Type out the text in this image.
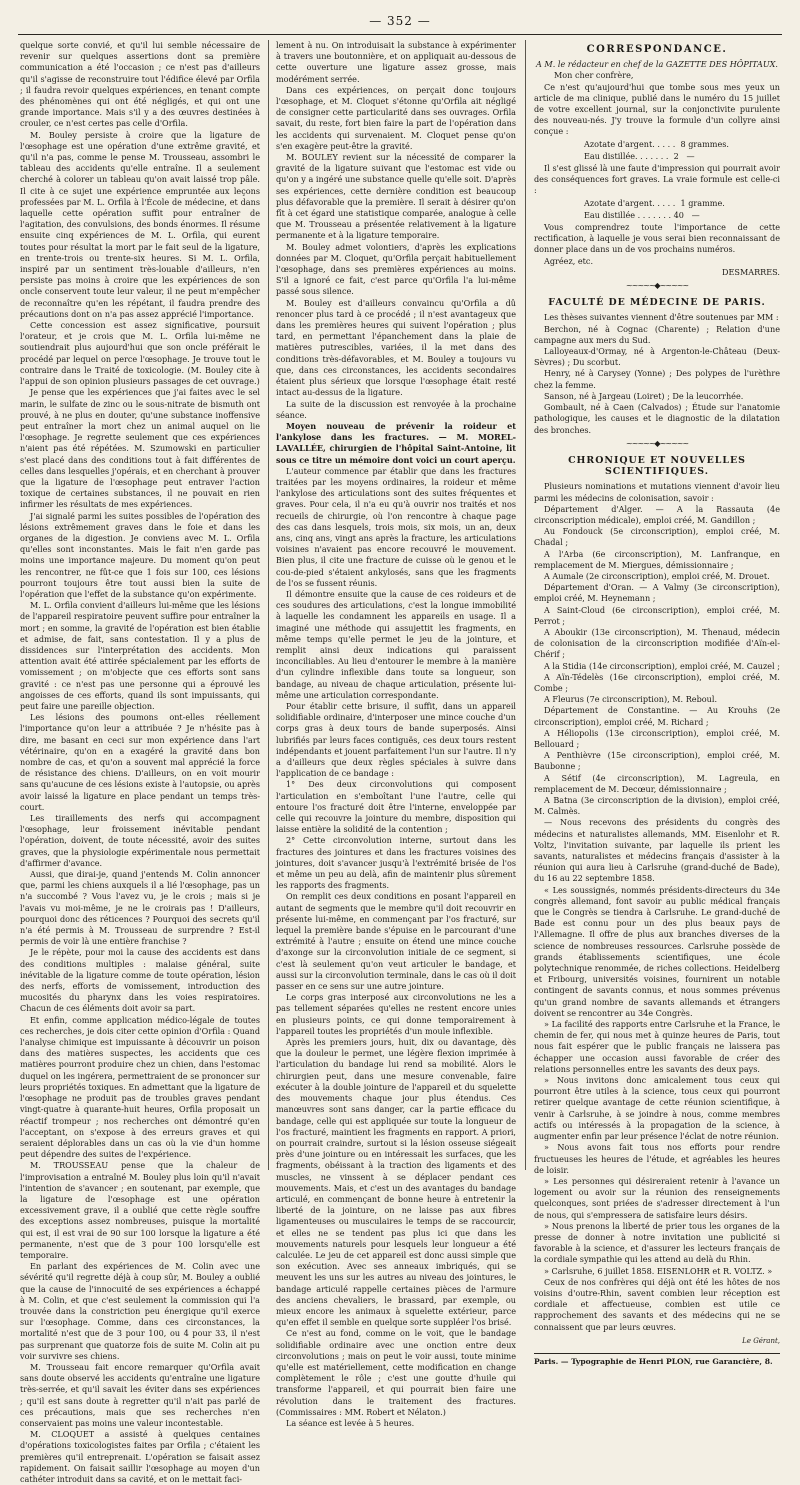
— 352 —

quelque sorte convié, et qu'il lui semble nécessaire de revenir sur quelques assertions dont sa première communication a été l'occasion ; ce n'est pas d'ailleurs qu'il s'agisse de reconstruire tout l'édifice élevé par Orfila ; il faudra revoir quelques expériences, en tenant compte des phénomènes qui ont été négligés, et qui ont une grande importance. Mais s'il y a des œuvres destinées à crouler, ce n'est certes pas celle d'Orfila.

M. Bouley persiste à croire que la ligature de l'œsophage est une opération d'une extrême gravité, et qu'il n'a pas, comme le pense M. Trousseau, assombri le tableau des accidents qu'elle entraîne. Il a seulement cherché à colorer un tableau qu'on avait laissé trop pâle. Il cite à ce sujet une expérience empruntée aux leçons professées par M. L. Orfila à l'École de médecine, et dans laquelle cette opération suffit pour entraîner de l'agitation, des convulsions, des bonds énormes. Il résume ensuite cinq expériences de M. L. Orfila, qui eurent toutes pour résultat la mort par le fait seul de la ligature, en trente-trois ou trente-six heures. Si M. L. Orfila, inspiré par un sentiment très-louable d'ailleurs, n'en persiste pas moins à croire que les expériences de son oncle conservent toute leur valeur, il ne peut m'empêcher de reconnaître qu'en les répétant, il faudra prendre des précautions dont on n'a pas assez apprécié l'importance.

Cette concession est assez significative, poursuit l'orateur, et je crois que M. L. Orfila lui-même ne soutiendrait plus aujourd'hui que son oncle préférait le procédé par lequel on perce l'œsophage. Je trouve tout le contraire dans le Traité de toxicologie. (M. Bouley cite à l'appui de son opinion plusieurs passages de cet ouvrage.)

Je pense que les expériences que j'ai faites avec le sel marin, le sulfate de zinc ou le sous-nitrate de bismuth ont prouvé, à ne plus en douter, qu'une substance inoffensive peut entraîner la mort chez un animal auquel on lie l'œsophage. Je regrette seulement que ces expériences n'aient pas été répétées. M. Szumowski en particulier s'est placé dans des conditions tout à fait différentes de celles dans lesquelles j'opérais, et en cherchant à prouver que la ligature de l'œsophage peut entraver l'action toxique de certaines substances, il ne pouvait en rien infirmer les résultats de mes expériences.

J'ai signalé parmi les suites possibles de l'opération des lésions extrêmement graves dans le foie et dans les organes de la digestion. Je conviens avec M. L. Orfila qu'elles sont inconstantes. Mais le fait n'en garde pas moins une importance majeure. Du moment qu'on peut les rencontrer, ne fût-ce que 1 fois sur 100, ces lésions pourront toujours être tout aussi bien la suite de l'opération que l'effet de la substance qu'on expérimente.

M. L. Orfila convient d'ailleurs lui-même que les lésions de l'appareil respiratoire peuvent suffire pour entraîner la mort ; en somme, la gravité de l'opération est bien établie et admise, de fait, sans contestation. Il y a plus de dissidences sur l'interprétation des accidents. Mon attention avait été attirée spécialement par les efforts de vomissement ; on m'objecte que ces efforts sont sans gravité : ce n'est pas une personne qui a éprouvé les angoisses de ces efforts, quand ils sont impuissants, qui peut faire une pareille objection.

Les lésions des poumons ont-elles réellement l'importance qu'on leur a attribuée ? Je n'hésite pas à dire, me basant en ceci sur mon expérience dans l'art vétérinaire, qu'on en a exagéré la gravité dans bon nombre de cas, et qu'on a souvent mal apprécié la force de résistance des chiens. D'ailleurs, on en voit mourir sans qu'aucune de ces lésions existe à l'autopsie, ou après avoir laissé la ligature en place pendant un temps très-court.

Les tiraillements des nerfs qui accompagnent l'œsophage, leur froissement inévitable pendant l'opération, doivent, de toute nécessité, avoir des suites graves, que la physiologie expérimentale nous permettait d'affirmer d'avance.

Aussi, que dirai-je, quand j'entends M. Colin annoncer que, parmi les chiens auxquels il a lié l'œsophage, pas un n'a succombé ? Vous l'avez vu, je le crois ; mais si je l'avais vu moi-même, je ne le croirais pas ! D'ailleurs, pourquoi donc des réticences ? Pourquoi des secrets qu'il n'a été permis à M. Trousseau de surprendre ? Est-il permis de voir là une entière franchise ?

Je le répète, pour moi la cause des accidents est dans des conditions multiples : malaise général, suite inévitable de la ligature comme de toute opération, lésion des nerfs, efforts de vomissement, introduction des mucosités du pharynx dans les voies respiratoires. Chacun de ces éléments doit avoir sa part.

Et enfin, comme application médico-légale de toutes ces recherches, je dois citer cette opinion d'Orfila : Quand l'analyse chimique est impuissante à découvrir un poison dans des matières suspectes, les accidents que ces matières pourront produire chez un chien, dans l'estomac duquel on les ingérera, permettraient de se prononcer sur leurs propriétés toxiques. En admettant que la ligature de l'œsophage ne produit pas de troubles graves pendant vingt-quatre à quarante-huit heures, Orfila proposait un réactif trompeur ; nos recherches ont démontré qu'en l'acceptant, on s'expose à des erreurs graves et qui seraient déplorables dans un cas où la vie d'un homme peut dépendre des suites de l'expérience.

M. TROUSSEAU pense que la chaleur de l'improvisation a entraîné M. Bouley plus loin qu'il n'avait l'intention de s'avancer ; en soutenant, par exemple, que la ligature de l'œsophage est une opération excessivement grave, il a oublié que cette règle souffre des exceptions assez nombreuses, puisque la mortalité qui est, il est vrai de 90 sur 100 lorsque la ligature a été permanente, n'est que de 3 pour 100 lorsqu'elle est temporaire.

En parlant des expériences de M. Colin avec une sévérité qu'il regrette déjà à coup sûr, M. Bouley a oublié que la cause de l'innocuité de ses expériences a échappé à M. Colin, et que c'est seulement la commission qui l'a trouvée dans la constriction peu énergique qu'il exerce sur l'œsophage. Comme, dans ces circonstances, la mortalité n'est que de 3 pour 100, ou 4 pour 33, il n'est pas surprenant que quatorze fois de suite M. Colin ait pu voir survivre ses chiens.

M. Trousseau fait encore remarquer qu'Orfila avait sans doute observé les accidents qu'entraîne une ligature très-serrée, et qu'il savait les éviter dans ses expériences ; qu'il est sans doute à regretter qu'il n'ait pas parlé de ces précautions, mais que ses recherches n'en conservaient pas moins une valeur incontestable.

M. CLOQUET a assisté à quelques centaines d'opérations toxicologistes faites par Orfila ; c'étaient les premières qu'il entreprenait. L'opération se faisait assez rapidement. On faisait saillir l'œsophage au moyen d'un cathéter introduit dans sa cavité, et on le mettait faci-

lement à nu. On introduisait la substance à expérimenter à travers une boutonnière, et on appliquait au-dessous de cette ouverture une ligature assez grosse, mais modérément serrée.

Dans ces expériences, on perçait donc toujours l'œsophage, et M. Cloquet s'étonne qu'Orfila ait négligé de consigner cette particularité dans ses ouvrages. Orfila savait, du reste, fort bien faire la part de l'opération dans les accidents qui survenaient. M. Cloquet pense qu'on s'en exagère peut-être la gravité.

M. BOULEY revient sur la nécessité de comparer la gravité de la ligature suivant que l'estomac est vide ou qu'on y a ingéré une substance quelle qu'elle soit. D'après ses expériences, cette dernière condition est beaucoup plus défavorable que la première. Il serait à désirer qu'on fît à cet égard une statistique comparée, analogue à celle que M. Trousseau a présentée relativement à la ligature permanente et à la ligature temporaire.

M. Bouley admet volontiers, d'après les explications données par M. Cloquet, qu'Orfila perçait habituellement l'œsophage, dans ses premières expériences au moins. S'il a ignoré ce fait, c'est parce qu'Orfila l'a lui-même passé sous silence.

M. Bouley est d'ailleurs convaincu qu'Orfila a dû renoncer plus tard à ce procédé ; il n'est avantageux que dans les premières heures qui suivent l'opération ; plus tard, en permettant l'épanchement dans la plaie de matières putrescibles, variées, il la met dans des conditions très-défavorables, et M. Bouley a toujours vu que, dans ces circonstances, les accidents secondaires étaient plus sérieux que lorsque l'œsophage était resté intact au-dessus de la ligature.

La suite de la discussion est renvoyée à la prochaine séance.

Moyen nouveau de prévenir la roideur et l'ankylose dans les fractures. — M. MOREL-LAVALLÉE, chirurgien de l'hôpital Saint-Antoine, lit sous ce titre un mémoire dont voici un court aperçu.

L'auteur commence par établir que dans les fractures traitées par les moyens ordinaires, la roideur et même l'ankylose des articulations sont des suites fréquentes et graves. Pour cela, il n'a eu qu'à ouvrir nos traités et nos recueils de chirurgie, où l'on rencontre à chaque page des cas dans lesquels, trois mois, six mois, un an, deux ans, cinq ans, vingt ans après la fracture, les articulations voisines n'avaient pas encore recouvré le mouvement. Bien plus, il cite une fracture de cuisse où le genou et le cou-de-pied s'étaient ankylosés, sans que les fragments de l'os se fussent réunis.

Il démontre ensuite que la cause de ces roideurs et de ces soudures des articulations, c'est la longue immobilité à laquelle les condamnent les appareils en usage. Il a imaginé une méthode qui assujettit les fragments, en même temps qu'elle permet le jeu de la jointure, et remplit ainsi deux indications qui paraissent inconciliables. Au lieu d'entourer le membre à la manière d'un cylindre inflexible dans toute sa longueur, son bandage, au niveau de chaque articulation, présente lui-même une articulation correspondante.

Pour établir cette brisure, il suffit, dans un appareil solidifiable ordinaire, d'interposer une mince couche d'un corps gras à deux tours de bande superposés. Ainsi lubrifiés par leurs faces contiguës, ces deux tours restent indépendants et jouent parfaitement l'un sur l'autre. Il n'y a d'ailleurs que deux règles spéciales à suivre dans l'application de ce bandage :

1° Des deux circonvolutions qui composent l'articulation en s'emboîtant l'une l'autre, celle qui entoure l'os fracturé doit être l'interne, enveloppée par celle qui recouvre la jointure du membre, disposition qui laisse entière la solidité de la contention ;

2° Cette circonvolution interne, surtout dans les fractures des jointures et dans les fractures voisines des jointures, doit s'avancer jusqu'à l'extrémité brisée de l'os et même un peu au delà, afin de maintenir plus sûrement les rapports des fragments.

On remplit ces deux conditions en posant l'appareil en autant de segments que le membre qu'il doit recouvrir en présente lui-même, en commençant par l'os fracturé, sur lequel la première bande s'épuise en le parcourant d'une extrémité à l'autre ; ensuite on étend une mince couche d'axonge sur la circonvolution initiale de ce segment, si c'est là seulement qu'on veut articuler le bandage, et aussi sur la circonvolution terminale, dans le cas où il doit passer en ce sens sur une autre jointure.

Le corps gras interposé aux circonvolutions ne les a pas tellement séparées qu'elles ne restent encore unies en plusieurs points, ce qui donne temporairement à l'appareil toutes les propriétés d'un moule inflexible.

Après les premiers jours, huit, dix ou davantage, dès que la douleur le permet, une légère flexion imprimée à l'articulation du bandage lui rend sa mobilité. Alors le chirurgien peut, dans une mesure convenable, faire exécuter à la double jointure de l'appareil et du squelette des mouvements chaque jour plus étendus. Ces manœuvres sont sans danger, car la partie efficace du bandage, celle qui est appliquée sur toute la longueur de l'os fracturé, maintient les fragments en rapport. A priori, on pourrait craindre, surtout si la lésion osseuse siégeait près d'une jointure ou en intéressait les surfaces, que les fragments, obéissant à la traction des ligaments et des muscles, ne vinssent à se déplacer pendant ces mouvements. Mais, et c'est un des avantages du bandage articulé, en commençant de bonne heure à entretenir la liberté de la jointure, on ne laisse pas aux fibres ligamenteuses ou musculaires le temps de se raccourcir, et elles ne se tendent pas plus ici que dans les mouvements naturels pour lesquels leur longueur a été calculée. Le jeu de cet appareil est donc aussi simple que son exécution. Avec ses anneaux imbriqués, qui se meuvent les uns sur les autres au niveau des jointures, le bandage articulé rappelle certaines pièces de l'armure des anciens chevaliers, le brassard, par exemple, ou mieux encore les animaux à squelette extérieur, parce qu'en effet il semble en quelque sorte suppléer l'os brisé.

Ce n'est au fond, comme on le voit, que le bandage solidifiable ordinaire avec une onction entre deux circonvolutions ; mais on peut le voir aussi, toute minime qu'elle est matériellement, cette modification en change complètement le rôle ; c'est une goutte d'huile qui transforme l'appareil, et qui pourrait bien faire une révolution dans le traitement des fractures. (Commissaires : MM. Robert et Nélaton.)

La séance est levée à 5 heures.

CORRESPONDANCE.

A M. le rédacteur en chef de la GAZETTE DES HÔPITAUX.

Mon cher confrère,

Ce n'est qu'aujourd'hui que tombe sous mes yeux un article de ma clinique, publié dans le numéro du 15 juillet de votre excellent journal, sur la conjonctivite purulente des nouveau-nés. J'y trouve la formule d'un collyre ainsi conçue :

Azotate d'argent. . . . .  8 grammes.

Eau distillée. . . . . . .  2   —

Il s'est glissé là une faute d'impression qui pourrait avoir des conséquences fort graves. La vraie formule est celle-ci :

Azotate d'argent. . . . .  1 gramme.

Eau distillée . . . . . . . 40   —

Vous comprendrez toute l'importance de cette rectification, à laquelle je vous serai bien reconnaissant de donner place dans un de vos prochains numéros.

Agréez, etc.

DESMARRES.

~~~~~◆~~~~~
FACULTÉ DE MÉDECINE DE PARIS.

Les thèses suivantes viennent d'être soutenues par MM :

Berchon, né à Cognac (Charente) ; Relation d'une campagne aux mers du Sud.

Lalloyeaux-d'Ormay, né à Argenton-le-Château (Deux-Sèvres) ; Du scorbut.

Henry, né à Carysey (Yonne) ; Des polypes de l'urèthre chez la femme.

Sanson, né à Jargeau (Loiret) ; De la leucorrhée.

Gombault, né à Caen (Calvados) ; Étude sur l'anatomie pathologique, les causes et le diagnostic de la dilatation des bronches.

~~~~~◆~~~~~
CHRONIQUE ET NOUVELLES SCIENTIFIQUES.

Plusieurs nominations et mutations viennent d'avoir lieu parmi les médecins de colonisation, savoir :

Département d'Alger. — A la Rassauta (4e circonscription médicale), emploi créé, M. Gandillon ;

Au Fondouck (5e circonscription), emploi créé, M. Chadal ;

A l'Arba (6e circonscription), M. Lanfranque, en remplacement de M. Miergues, démissionnaire ;

A Aumale (2e circonscription), emploi créé, M. Drouet.

Département d'Oran. — A Valmy (3e circonscription), emploi créé, M. Heynemann ;

A Saint-Cloud (6e circonscription), emploi créé, M. Perrot ;

A Aboukir (13e circonscription), M. Thenaud, médecin de colonisation de la circonscription modifiée d'Aïn-el-Chérif ;

A la Stidia (14e circonscription), emploi créé, M. Cauzel ;

A Aïn-Tédelès (16e circonscription), emploi créé, M. Combe ;

A Fleurus (7e circonscription), M. Reboul.

Département de Constantine. — Au Krouhs (2e circonscription), emploi créé, M. Richard ;

A Héliopolis (13e circonscription), emploi créé, M. Bellouard ;

A Penthièvre (15e circonscription), emploi créé, M. Baubonne ;

A Sétif (4e circonscription), M. Lagreula, en remplacement de M. Decœur, démissionnaire ;

A Batna (3e circonscription de la division), emploi créé, M. Calmès.

— Nous recevons des présidents du congrès des médecins et naturalistes allemands, MM. Eisenlohr et R. Voltz, l'invitation suivante, par laquelle ils prient les savants, naturalistes et médecins français d'assister à la réunion qui aura lieu à Carlsruhe (grand-duché de Bade), du 16 au 22 septembre 1858.

« Les soussignés, nommés présidents-directeurs du 34e congrès allemand, font savoir au public médical français que le Congrès se tiendra à Carlsruhe. Le grand-duché de Bade est connu pour un des plus beaux pays de l'Allemagne. Il offre de plus aux branches diverses de la science de nombreuses ressources. Carlsruhe possède de grands établissements scientifiques, une école polytechnique renommée, de riches collections. Heidelberg et Fribourg, universités voisines, fournirent un notable contingent de savants connus, et nous sommes prévenus qu'un grand nombre de savants allemands et étrangers doivent se rencontrer au 34e Congrès.

» La facilité des rapports entre Carlsruhe et la France, le chemin de fer, qui nous met à quinze heures de Paris, tout nous fait espérer que le public français ne laissera pas échapper une occasion aussi favorable de créer des relations personnelles entre les savants des deux pays.

» Nous invitons donc amicalement tous ceux qui pourront être utiles à la science, tous ceux qui pourront retirer quelque avantage de cette réunion scientifique, à venir à Carlsruhe, à se joindre à nous, comme membres actifs ou intéressés à la propagation de la science, à augmenter enfin par leur présence l'éclat de notre réunion.

» Nous avons fait tous nos efforts pour rendre fructueuses les heures de l'étude, et agréables les heures de loisir.

» Les personnes qui désireraient retenir à l'avance un logement ou avoir sur la réunion des renseignements quelconques, sont priées de s'adresser directement à l'un de nous, qui s'empressera de satisfaire leurs désirs.

» Nous prenons la liberté de prier tous les organes de la presse de donner à notre invitation une publicité si favorable à la science, et d'assurer les lecteurs français de la cordiale sympathie qui les attend au delà du Rhin.

» Carlsruhe, 6 juillet 1858. EISENLOHR et R. VOLTZ. »

Ceux de nos confrères qui déjà ont été les hôtes de nos voisins d'outre-Rhin, savent combien leur réception est cordiale et affectueuse, combien est utile ce rapprochement des savants et des médecins qui ne se connaissent que par leurs œuvres.

Le Gérant,

Paris. — Typographie de Henri PLON, rue Garancière, 8.
